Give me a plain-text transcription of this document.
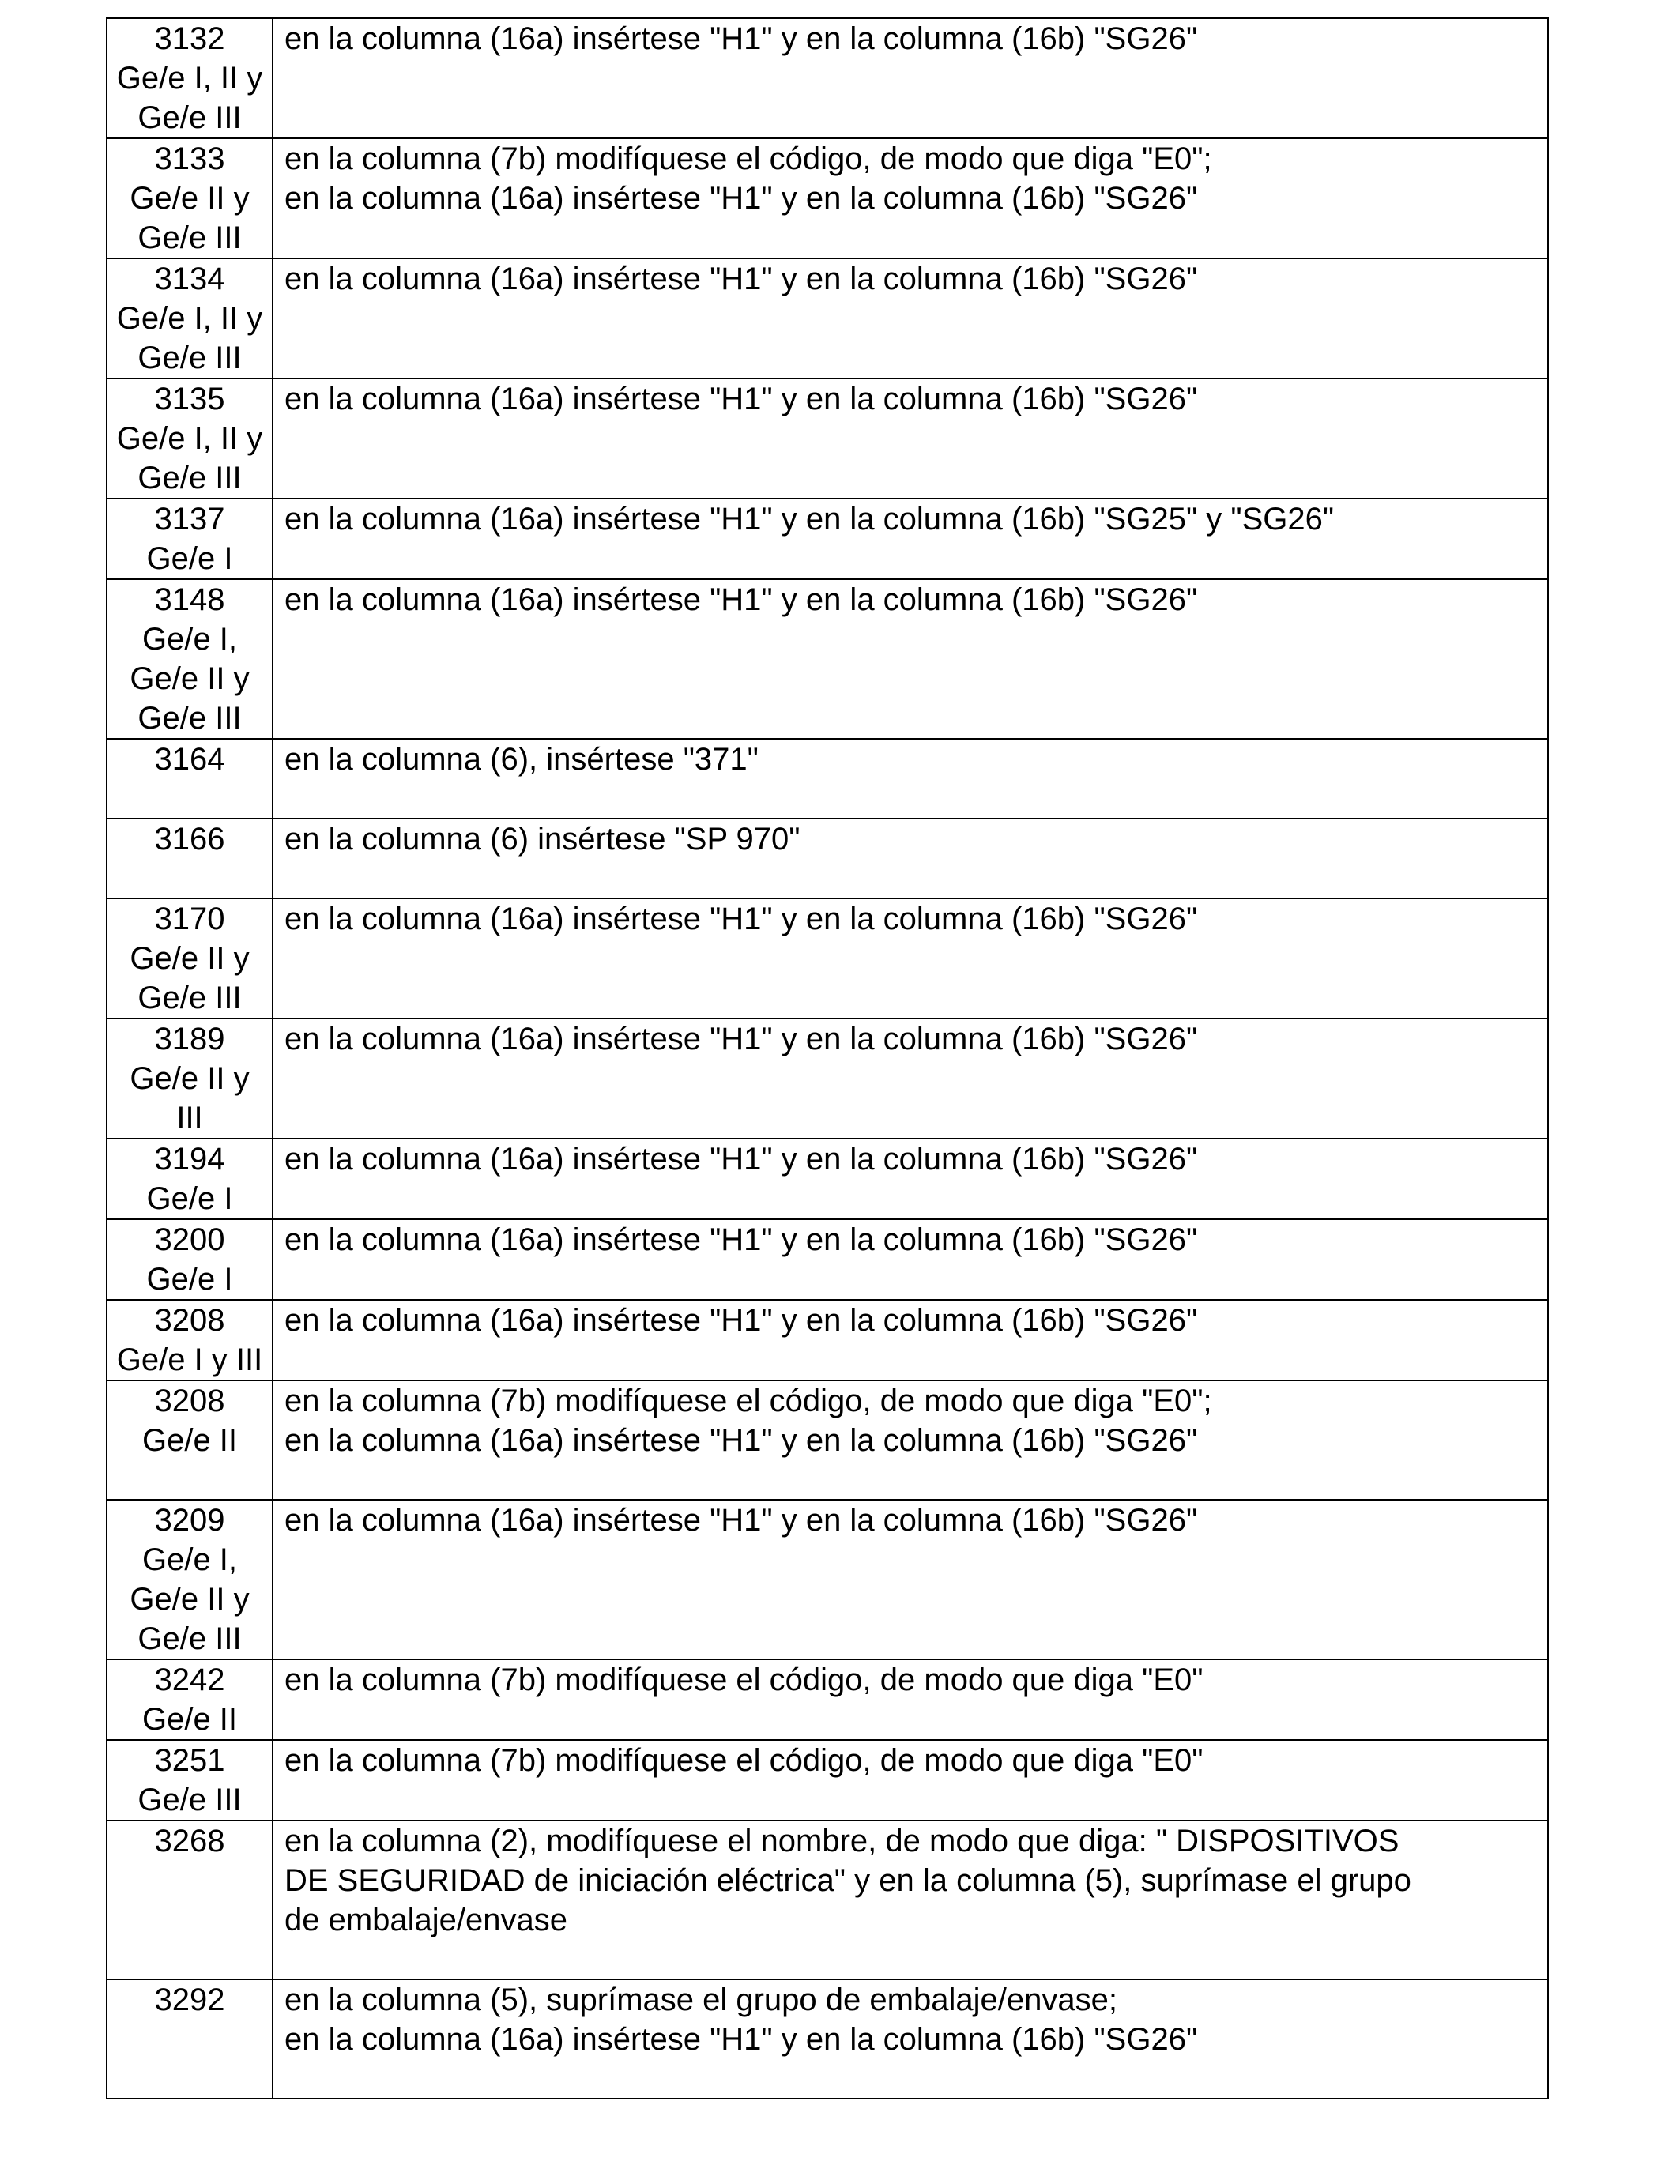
3132
Ge/e I, II y
Ge/e III	en la columna (16a) insértese "H1" y en la columna (16b) "SG26"

3133
Ge/e II y
Ge/e III	en la columna (7b) modifíquese el código, de modo que diga "E0";
en la columna (16a) insértese "H1" y en la columna (16b) "SG26"

3134
Ge/e I, II y
Ge/e III	en la columna (16a) insértese "H1" y en la columna (16b) "SG26"

3135
Ge/e I, II y
Ge/e III	en la columna (16a) insértese "H1" y en la columna (16b) "SG26"

3137
Ge/e I	en la columna (16a) insértese "H1" y en la columna (16b) "SG25" y "SG26"

3148
Ge/e I,
Ge/e II y
Ge/e III	en la columna (16a) insértese "H1" y en la columna (16b) "SG26"

3164	en la columna (6), insértese "371"

3166	en la columna (6) insértese "SP 970"

3170
Ge/e II y
Ge/e III	en la columna (16a) insértese "H1" y en la columna (16b) "SG26"

3189
Ge/e II y
III	en la columna (16a) insértese "H1" y en la columna (16b) "SG26"

3194
Ge/e I	en la columna (16a) insértese "H1" y en la columna (16b) "SG26"

3200
Ge/e I	en la columna (16a) insértese "H1" y en la columna (16b) "SG26"

3208
Ge/e I y III	en la columna (16a) insértese "H1" y en la columna (16b) "SG26"

3208
Ge/e II	en la columna (7b) modifíquese el código, de modo que diga "E0";
en la columna (16a) insértese "H1" y en la columna (16b) "SG26"

3209
Ge/e I,
Ge/e II y
Ge/e III	en la columna (16a) insértese "H1" y en la columna (16b) "SG26"

3242
Ge/e II	en la columna (7b) modifíquese el código, de modo que diga "E0"

3251
Ge/e III	en la columna (7b) modifíquese el código, de modo que diga "E0"

3268	en la columna (2), modifíquese el nombre, de modo que diga: " DISPOSITIVOS
DE SEGURIDAD de iniciación eléctrica" y en la columna (5), suprímase el grupo
de embalaje/envase

3292	en la columna (5), suprímase el grupo de embalaje/envase;
en la columna (16a) insértese "H1" y en la columna (16b) "SG26"
